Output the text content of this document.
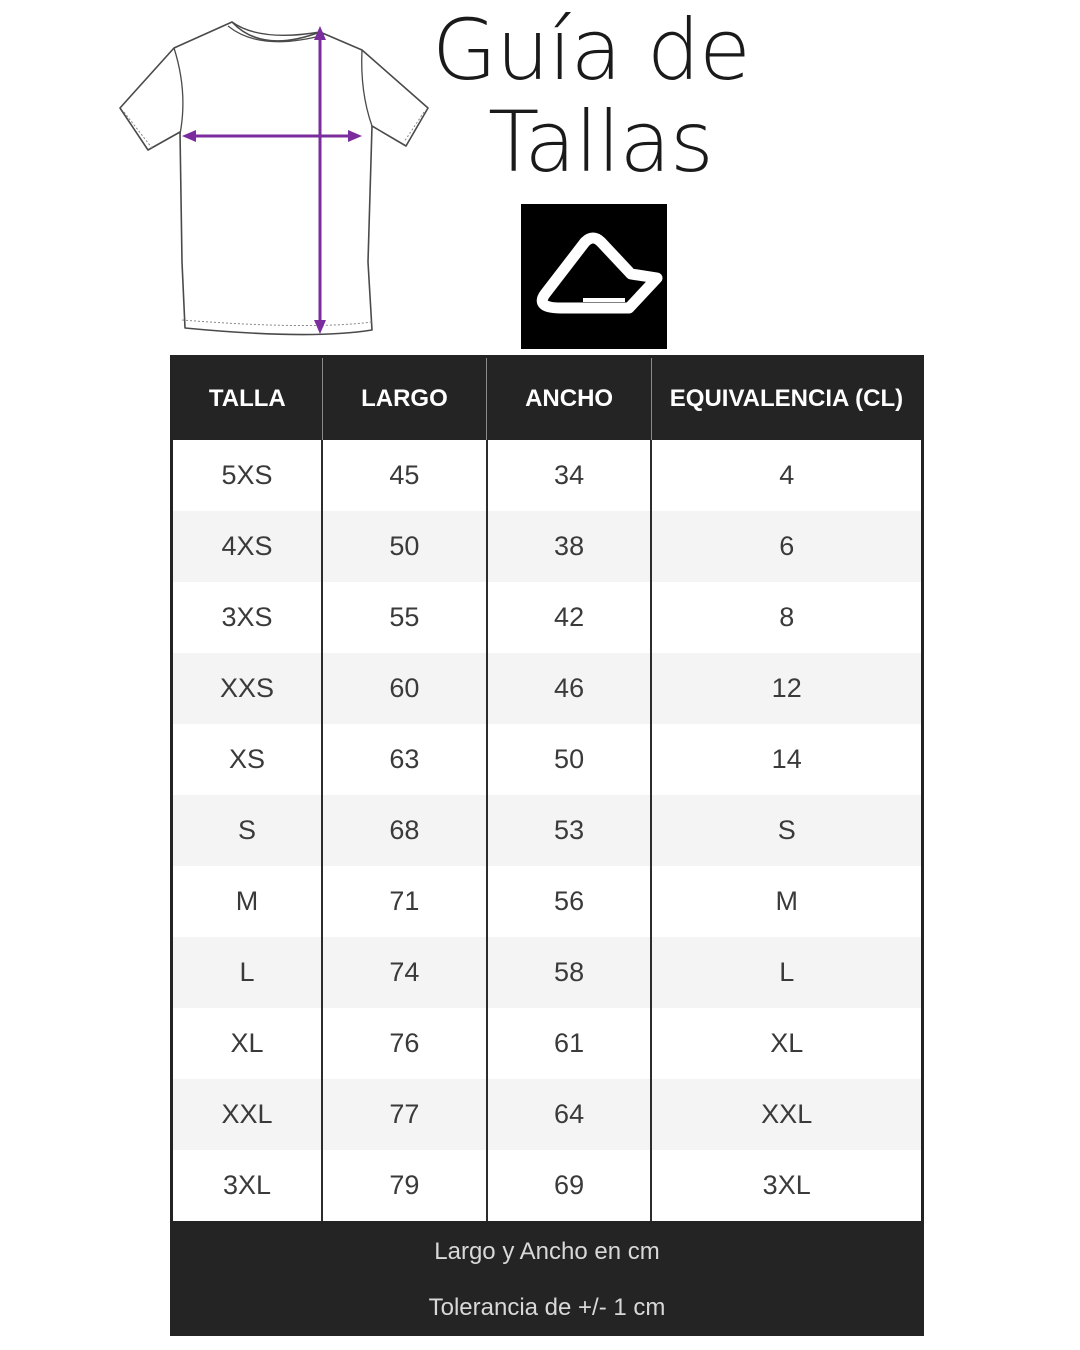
Guía de
Tallas
TALLA	LARGO	ANCHO	EQUIVALENCIA (CL)
5XS	45	34	4
4XS	50	38	6
3XS	55	42	8
XXS	60	46	12
XS	63	50	14
S	68	53	S
M	71	56	M
L	74	58	L
XL	76	61	XL
XXL	77	64	XXL
3XL	79	69	3XL
Largo y Ancho en cm
Tolerancia de +/- 1 cm
